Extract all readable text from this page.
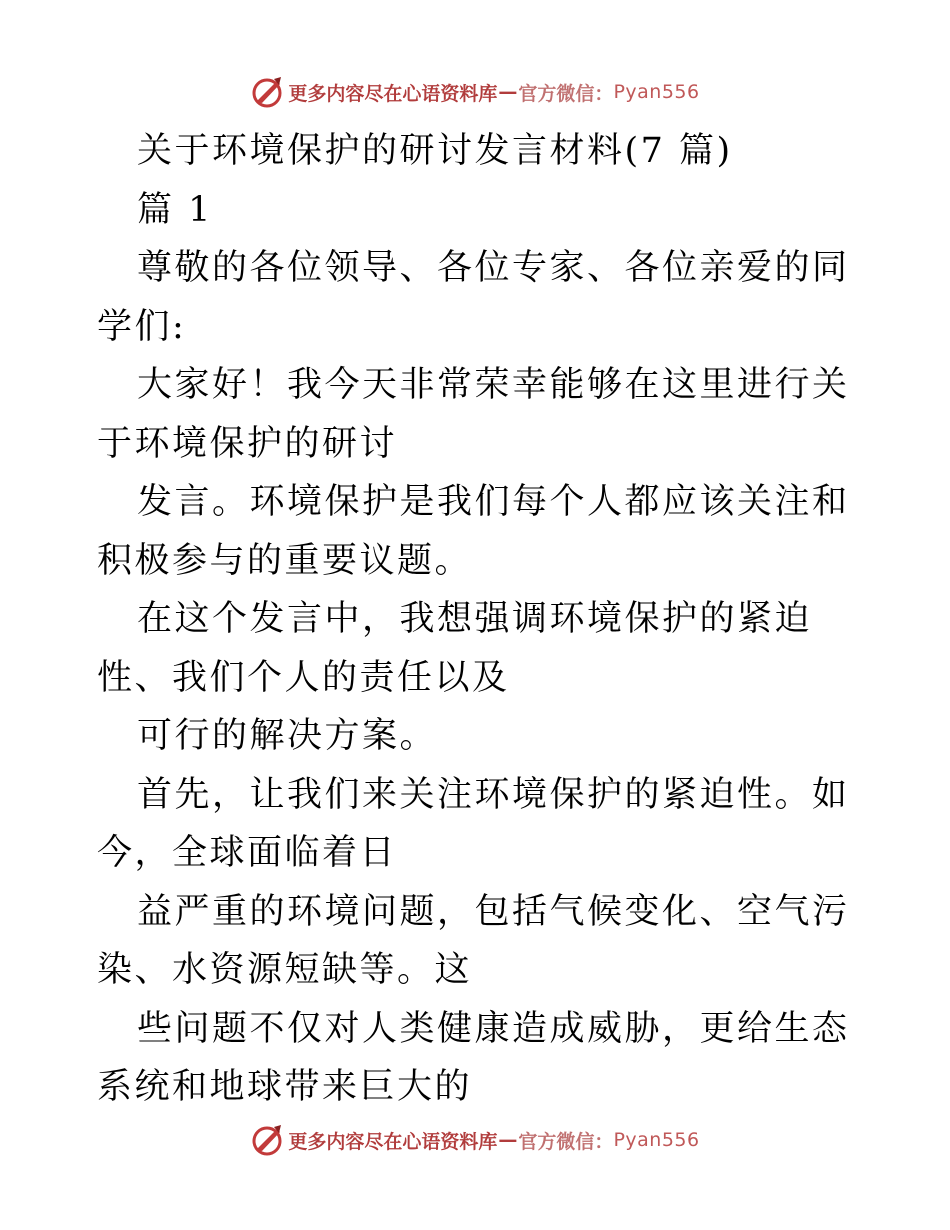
更多内容尽在心语资料库 — 官方微信： Pyan556

关于环境保护的研讨发言材料(7 篇)

篇 1

尊敬的各位领导、各位专家、各位亲爱的同学们:

大家好！我今天非常荣幸能够在这里进行关于环境保护的研讨

发言。环境保护是我们每个人都应该关注和积极参与的重要议题。

在这个发言中，我想强调环境保护的紧迫性、我们个人的责任以及

可行的解决方案。

首先，让我们来关注环境保护的紧迫性。如今，全球面临着日

益严重的环境问题，包括气候变化、空气污染、水资源短缺等。这

些问题不仅对人类健康造成威胁，更给生态系统和地球带来巨大的

更多内容尽在心语资料库 — 官方微信： Pyan556
